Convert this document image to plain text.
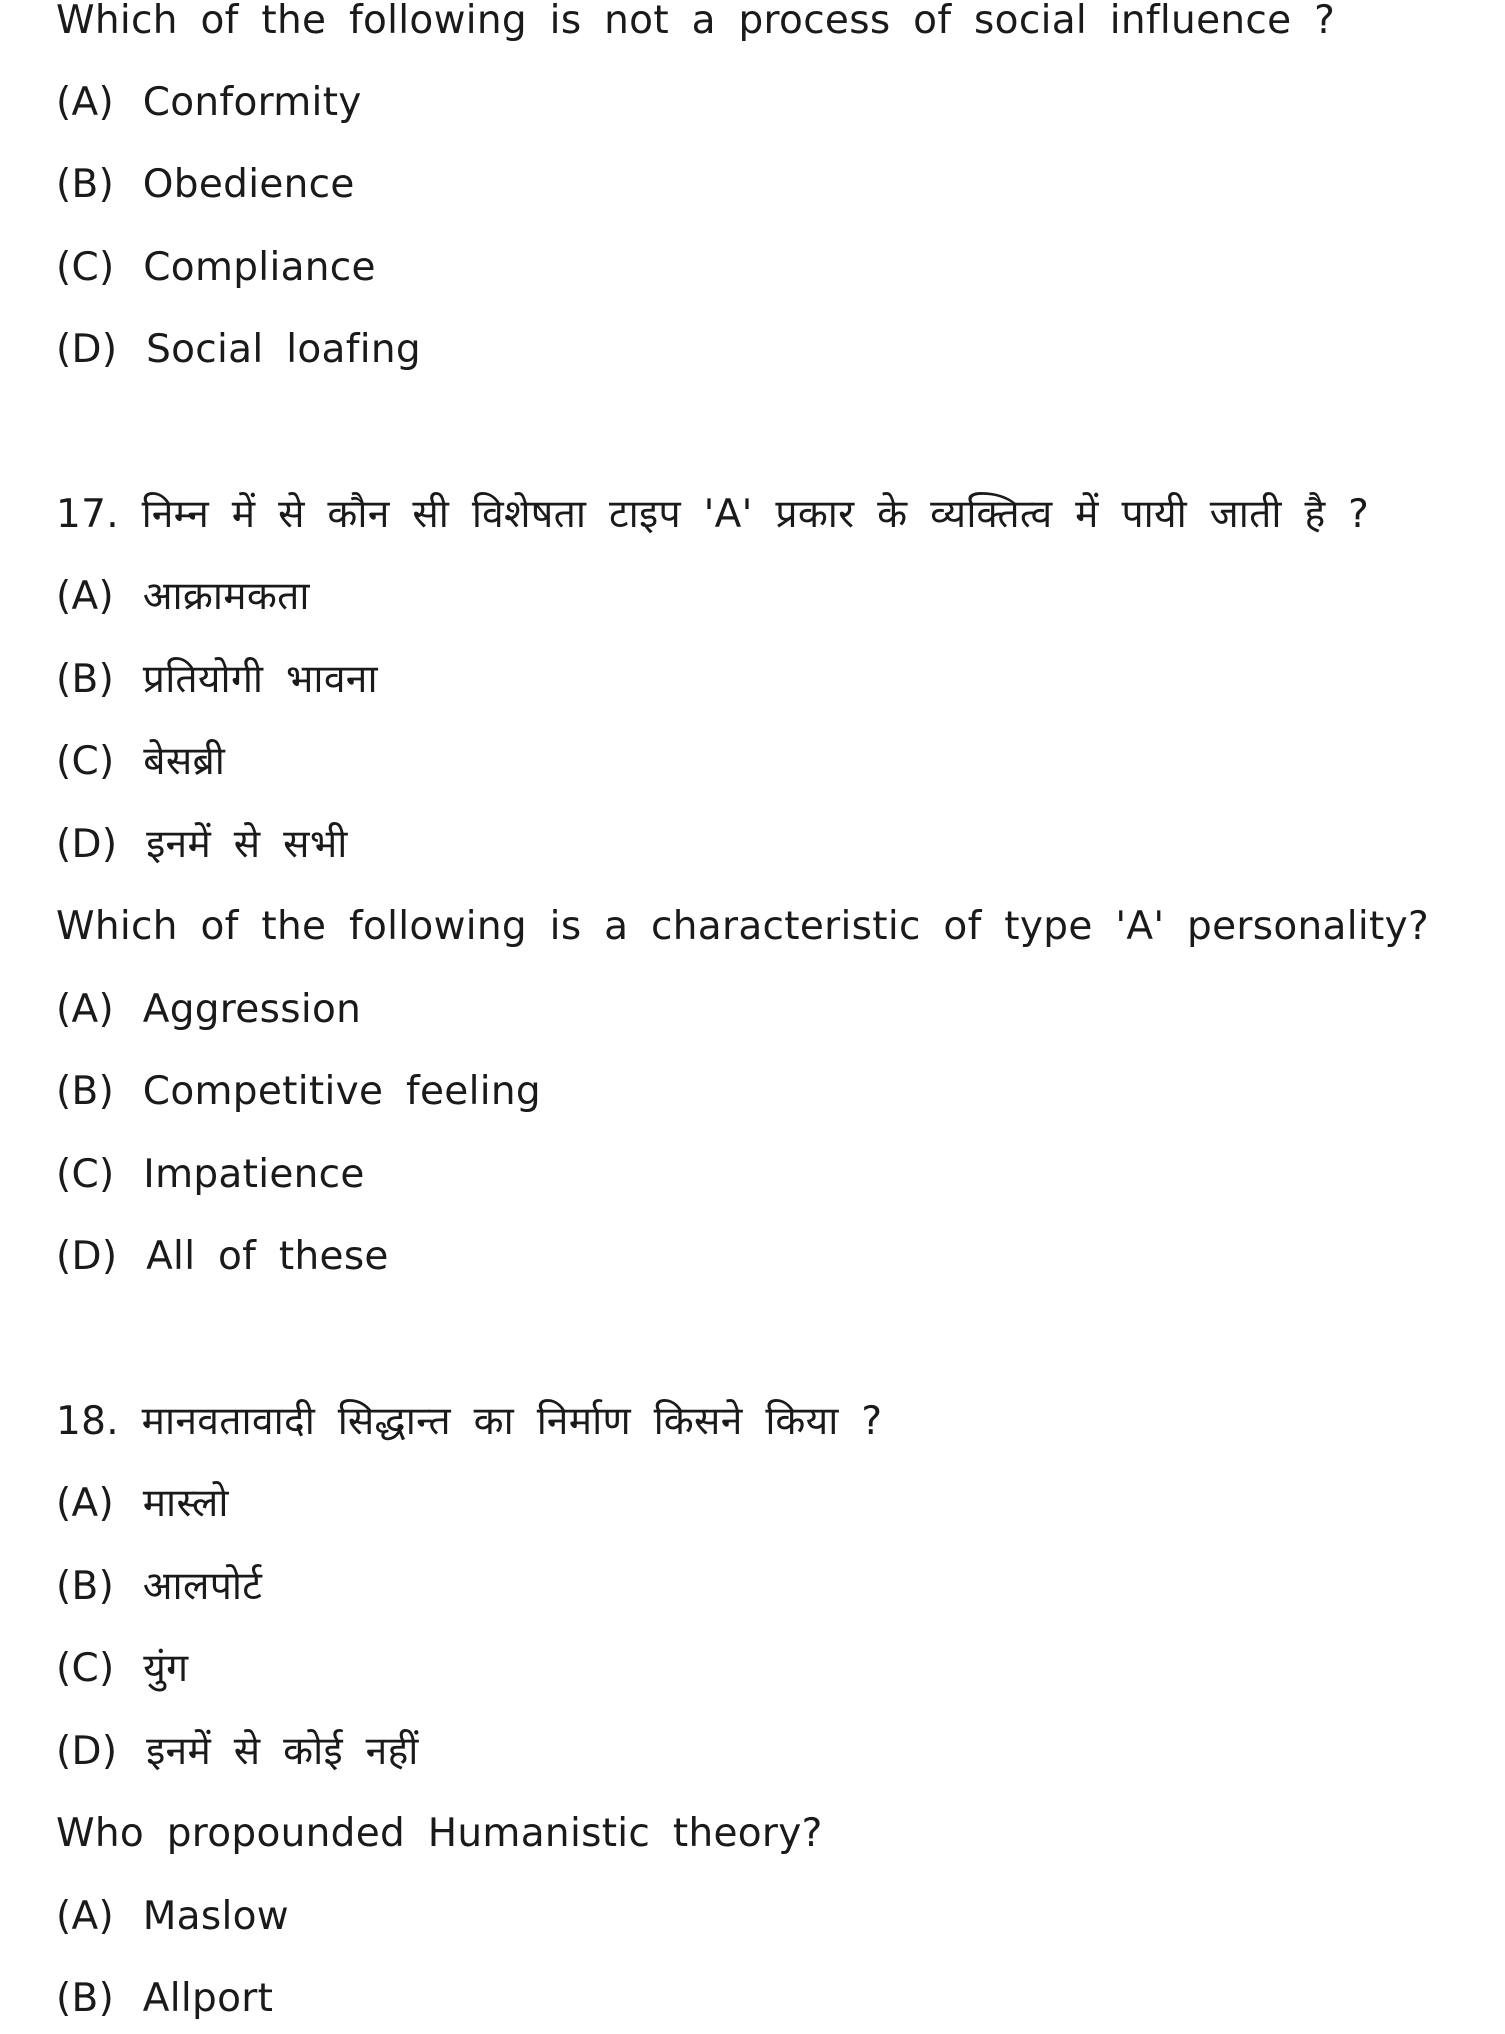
Which of the following is not a process of social influence ?
(A) Conformity
(B) Obedience
(C) Compliance
(D) Social loafing
17. निम्न में से कौन सी विशेषता टाइप 'A' प्रकार के व्यक्तित्व में पायी जाती है ?
(A) आक्रामकता
(B) प्रतियोगी भावना
(C) बेसब्री
(D) इनमें से सभी
Which of the following is a characteristic of type 'A' personality?
(A) Aggression
(B) Competitive feeling
(C) Impatience
(D) All of these
18. मानवतावादी सिद्धान्त का निर्माण किसने किया ?
(A) मास्लो
(B) आलपोर्ट
(C) युंग
(D) इनमें से कोई नहीं
Who propounded Humanistic theory?
(A) Maslow
(B) Allport
